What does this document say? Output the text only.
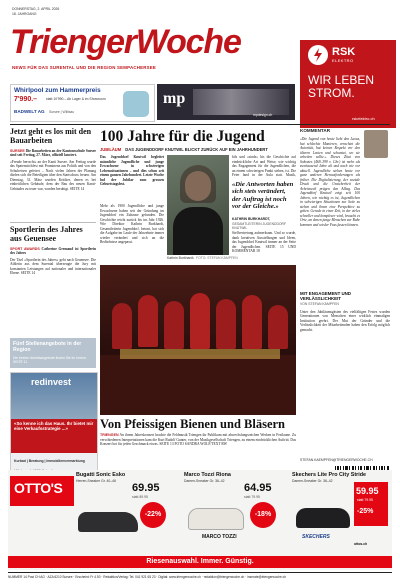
DONNERSTAG, 2. APRIL 2026
18. JAHRGANG
TriengerWoche
NEWS FÜR DAS SURENTAL UND DIE REGION SEMPACHERSEE
RSK
ELEKTRO
WIR LEBEN STROM.
rskelektro.ch
Whirlpool zum Hammerpreis
7'990.–	statt 10'990.– Ab Lager & im Showroom
BADWELT AG Sursee | Willisau
mp
mpdesign.ch
Jetzt geht es los mit den Bauarbeiten
SURSEE Die Bauarbeiten an der Kantonsschule Sursee sind seit Freitag, 27. März, offiziell lanciert.
«Freude herrscht» an der Kanti Sursee. Am Freitag wurde das Spatenstichfest mit Prominenz aus Politik und von den Schulreisen gefeiert – Nach vielen Jahren der Planung dürfen sich die Beteiligten über den Startschuss freuen. Am Dienstag, 31. März wurden Kritiker, denen es bei einheitlichen Gebäude, dem der Bau des neuen Kanti-Gebäudes zu teuer war, wurden beruhigt. SEITE 14
Sportlerin des Jahres aus Geuensee
SPORT AWARDS Catherine Gremaud ist Sportlerin des Jahres
Der Titel «Sportlerin des Jahres» geht nach Geuensee. Die Athletin aus dem Surental überzeugte die Jury mit konstanten Leistungen auf nationaler und internationaler Ebene. SEITE 14
Fünf Stellenangebote in der Region
Die besten Arbeitsangebote finden Sie im Innern. SEITE 11
redinvest
«So kenne ich das Haus. Ihr bietet mir eine Verkaufsstrategie ...»
Kurbad | Beratung | Immobilienvermarktung
100 Jahre für die Jugend
JUBILÄUM DAS JUGENDDORF KNUTWIL BLICKT ZURÜCK AUF EIN JAHRHUNDERT
Das Jugenddorf Knutwil begleitet männliche Jugendliche und junge Erwachsene in schwierigen Lebenssituationen – und dies schon seit einem ganzen Jahrhundert. Letzte Woche lud der Jubilar zum grossen Geburtstagsfest.
Mehr als 1900 Jugendliche und junge Erwachsene haben seit der Gründung im Jugenddorf ein Zuhause gefunden. Die Geschichte reicht zurück bis ins Jahr 1926. Wie Direktor Kathrin Burkhardt, Gesamtleiterin Jugenddorf, betont, hat sich die Aufgabe im Laufe der Jahrzehnte immer wieder verändert und sich an die Bedürfnisse angepasst.
Kathrin Burkhardt. FOTO: STEFAN KÄMPFEN
bils und «sinds» bis die Geschichte auf eindrückliche Art und Weise, wie wichtig das Engagement für die Jugendlichen, die an einem schwierigen Punkt stehen, ist. Die Feier fand in der Aula statt. Musik,
«Die Antworten haben sich stets verändert, der Auftrag ist noch vor der Gleiche.»
KATHRIN BURKHARDT,
GESAMTLEITERIN JUGENDDORF KNUTWIL
Stellvertretung aufmerksam. Und so wurde, dank kreativen Ausstellungen und Ideen, das Jugenddorf Knutwil immer an der Seite der Jugendlichen. SEITE 15 UND KOMMENTAR 18
Von Pfeissigen Bienen und Bläsern
TRIENGEN An ihrem Jahreskonzert brachte die Feldmusik Triengen ihr Publikum mit abwechslungsreichen Werken in Festlaune. Zu verschiedenen Interpretationen kam die Kurt Rudolf Gunter, von der Musikgesellschaft Triengen, zu einem eindrücklichen Auftritt. Das Konzert bot für jeden Geschmack etwas. SEITE 13 FOTO SANDRA WOLF/TEXT RW
KOMMENTAR
«Die Jugend von heute liebt den Luxus, hat schlechte Manieren, verachtet die Autorität, hat keinen Respekt vor den älteren Leuten und schwatzt, wo sie arbeiten sollte.» Dieses Zitat von Sokrates (469–399 v. Chr.) ist mehr als zweitausend Jahre alt und nach wie vor aktuell. Jugendliche stehen heute vor ganz anderen Herausforderungen als früher. Die Digitalisierung, der soziale Druck und die Unsicherheit der Arbeitswelt prägen den Alltag. Das Jugenddorf Knutwil zeigt seit 100 Jahren, wie wichtig es ist, Jugendlichen in schwierigen Situationen zur Seite zu stehen und ihnen eine Perspektive zu geben. Gerade in einer Zeit, in der vieles schneller und komplexer wird, braucht es Orte, an denen junge Menschen zur Ruhe kommen und wieder Fuss fassen können.
MIT ENGAGEMENT UND VERLÄSSLICHKEIT
VON STEFAN KÄMPFEN
Unter den Jubiläumsgästen des vielfältigen Festes wurden Generationen von Menschen einer wirklich einmaligen Institution geehrt. Der Mut der Gründer und die Verlässlichkeit der Mitarbeitenden haben den Erfolg möglich gemacht.
STEFAN.KAEMPFEN@TRIENGERWOCHE.CH
OTTO'S
Bugatti Sonic Esko
Herren-Sneaker Gr. 40–46
69.95
statt 89.95
-22%
Marco Tozzi Riona
Damen-Sneaker Gr. 36–42
64.95
statt 79.95
-18%
MARCO TOZZI
Skechers Lite Pro City Stride
Damen-Sneaker Gr. 36–42
59.95
statt 79.95
-25%
SKECHERS
ottos.ch
Riesenauswahl. Immer. Günstig.
NUMMER 14 Post CH AG · AZA 6210 Sursee · Erscheint: Fr 4.50 · Redaktion/Verlag: Tel. 041 921 65 23 · Digital: www.triengerwoche.ch · redaktion@triengerwoche.ch · inserate@triengerwoche.ch
